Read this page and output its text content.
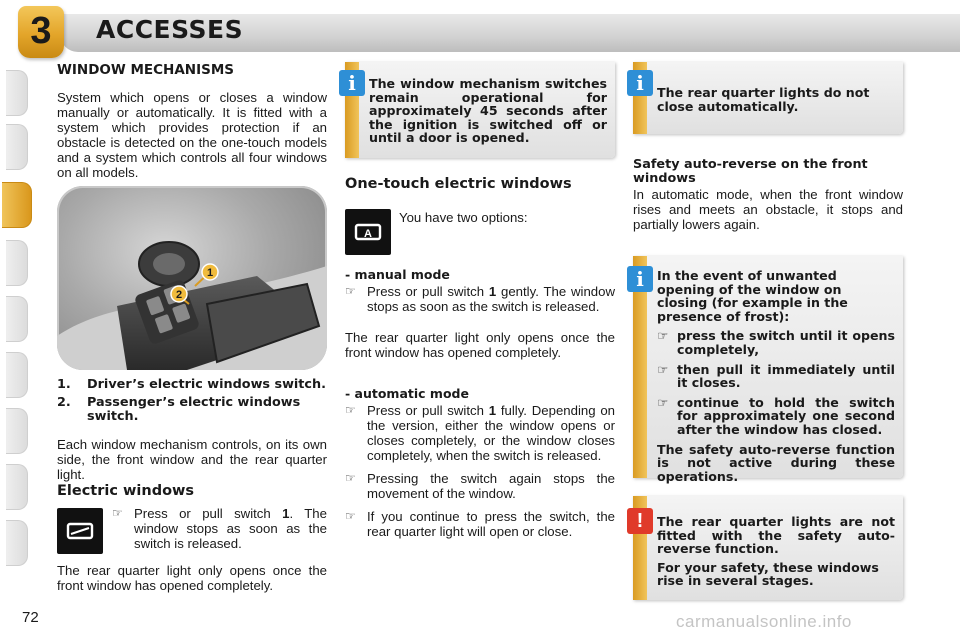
3	ACCESSES
WINDOW MECHANISMS
System which opens or closes a window manually or automatically. It is fitted with a system which provides protection if an obstacle is detected on the one-touch models and a system which controls all four windows on all models.
1
2
1. Driver’s electric windows switch.
2. Passenger’s electric windows switch.
Each window mechanism controls, on its own side, the front window and the rear quarter light.
Electric windows
☞ Press or pull switch 1. The window stops as soon as the switch is released.
The rear quarter light only opens once the front window has opened completely.
i	The window mechanism switches remain operational for approximately 45 seconds after the ignition is switched off or until a door is opened.
One-touch electric windows
A
You have two options:
- manual mode
☞ Press or pull switch 1 gently. The window stops as soon as the switch is released.
The rear quarter light only opens once the front window has opened completely.
- automatic mode
☞ Press or pull switch 1 fully. Depending on the version, either the window opens or closes completely, or the window closes completely, when the switch is released.
☞ Pressing the switch again stops the movement of the window.
☞ If you continue to press the switch, the rear quarter light will open or close.
i	The rear quarter lights do not close automatically.
Safety auto-reverse on the front windows
In automatic mode, when the front window rises and meets an obstacle, it stops and partially lowers again.
i	In the event of unwanted opening of the window on closing (for example in the presence of frost):
☞ press the switch until it opens completely,
☞ then pull it immediately until it closes.
☞ continue to hold the switch for approximately one second after the window has closed.
The safety auto-reverse function is not active during these operations.
!	The rear quarter lights are not fitted with the safety auto-reverse function.
For your safety, these windows rise in several stages.
72	carmanualsonline.info
